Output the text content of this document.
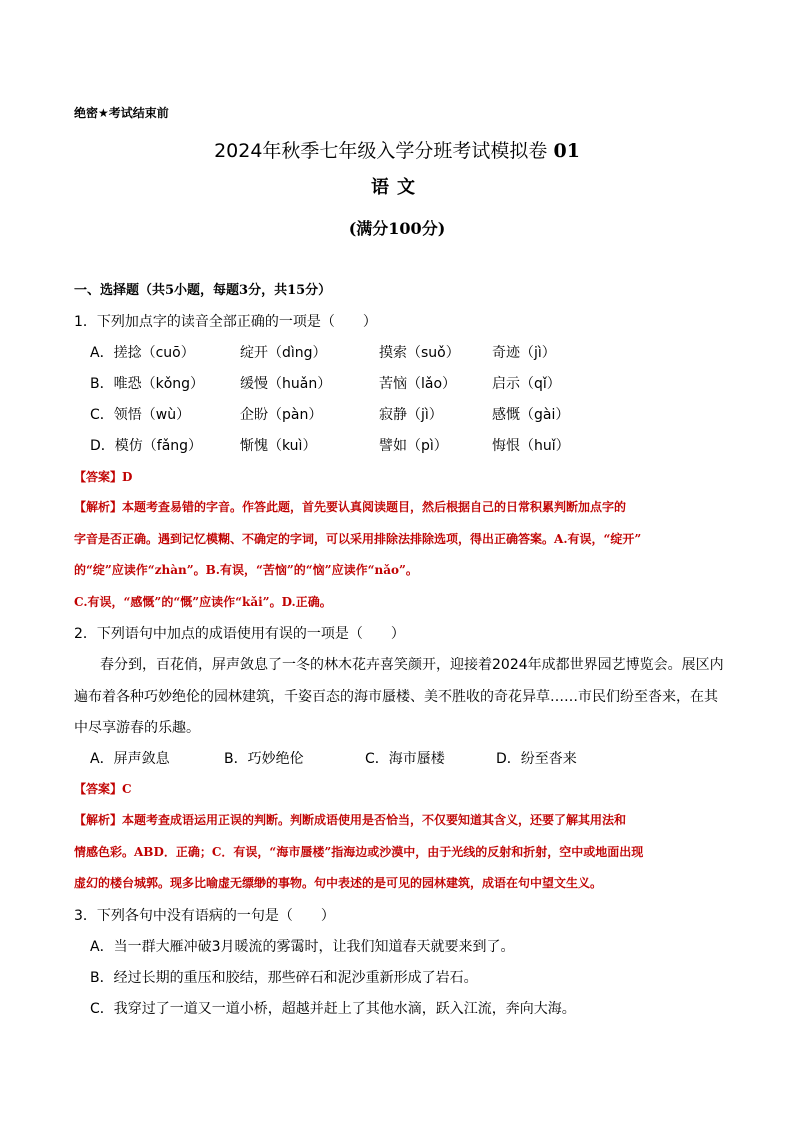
绝密★考试结束前
2024年秋季七年级入学分班考试模拟卷 01
语文
(满分100分)
一、选择题（共5小题，每题3分，共15分）
1．下列加点字的读音全部正确的一项是（　　）
A．搓捻（cuō）	绽开（dìng）	摸索（suǒ） 奇迹（jì）
B．唯恐（kǒng）	缓慢（huǎn）	苦恼（lǎo）	启示（qǐ）
C．领悟（wù）	企盼（pàn）	寂静（jì）	感慨（gài）
D．模仿（fǎng）	惭愧（kuì）	譬如（pì）	悔恨（huǐ）
【答案】D
【解析】本题考查易错的字音。作答此题，首先要认真阅读题目，然后根据自己的日常积累判断加点字的
字音是否正确。遇到记忆模糊、不确定的字词，可以采用排除法排除选项，得出正确答案。A.有误，“绽开”
的“绽”应读作“zhàn”。B.有误，“苦恼”的“恼”应读作“nǎo”。
C.有误，“感慨”的“慨”应读作“kǎi”。D.正确。
2．下列语句中加点的成语使用有误的一项是（　　）
春分到，百花俏，屏声敛息了一冬的林木花卉喜笑颜开，迎接着2024年成都世界园艺博览会。展区内
遍布着各种巧妙绝伦的园林建筑，千姿百态的海市蜃楼、美不胜收的奇花异草……市民们纷至沓来，在其
中尽享游春的乐趣。
A．屏声敛息	B．巧妙绝伦	C．海市蜃楼	D．纷至沓来
【答案】C
【解析】本题考查成语运用正误的判断。判断成语使用是否恰当，不仅要知道其含义，还要了解其用法和
情感色彩。ABD．正确；C．有误，“海市蜃楼”指海边或沙漠中，由于光线的反射和折射，空中或地面出现
虚幻的楼台城郭。现多比喻虚无缥缈的事物。句中表述的是可见的园林建筑，成语在句中望文生义。
3．下列各句中没有语病的一句是（　　）
A．当一群大雁冲破3月暖流的雾霭时，让我们知道春天就要来到了。
B．经过长期的重压和胶结，那些碎石和泥沙重新形成了岩石。
C．我穿过了一道又一道小桥，超越并赶上了其他水滴，跃入江流，奔向大海。
